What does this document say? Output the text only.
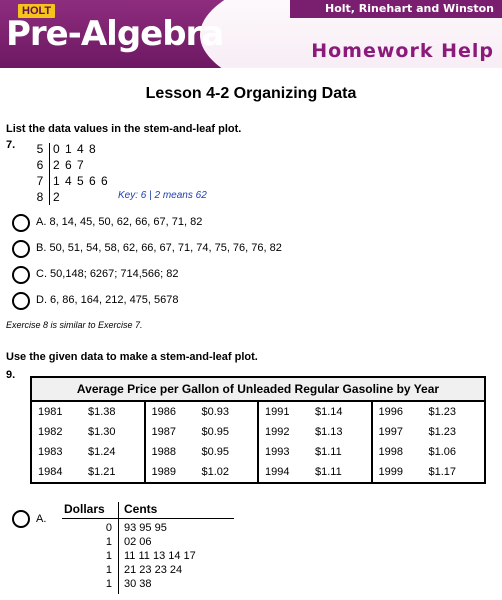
HOLT
Pre-Algebra
Holt, Rinehart and Winston
Homework Help
Lesson 4-2 Organizing Data
List the data values in the stem-and-leaf plot.
7. 5 0 1 4 8
6 2 6 7
7 1 4 5 6 6
8 2	Key: 6 | 2 means 62
A. 8, 14, 45, 50, 62, 66, 67, 71, 82
B. 50, 51, 54, 58, 62, 66, 67, 71, 74, 75, 76, 76, 82
C. 50,148; 6267; 714,566; 82
D. 6, 86, 164, 212, 475, 5678
Exercise 8 is similar to Exercise 7.
Use the given data to make a stem-and-leaf plot.
9.
Average Price per Gallon of Unleaded Regular Gasoline by Year
1981 $1.38
1982 $1.30
1983 $1.24
1984 $1.21
1986 $0.93
1987 $0.95
1988 $0.95
1989 $1.02
1991 $1.14
1992 $1.13
1993 $1.11
1994 $1.11
1996 $1.23
1997 $1.23
1998 $1.06
1999 $1.17
A.
Dollars Cents
0 93 95 95
1 02 06
1 11 11 13 14 17
1 21 23 23 24
1 30 38
